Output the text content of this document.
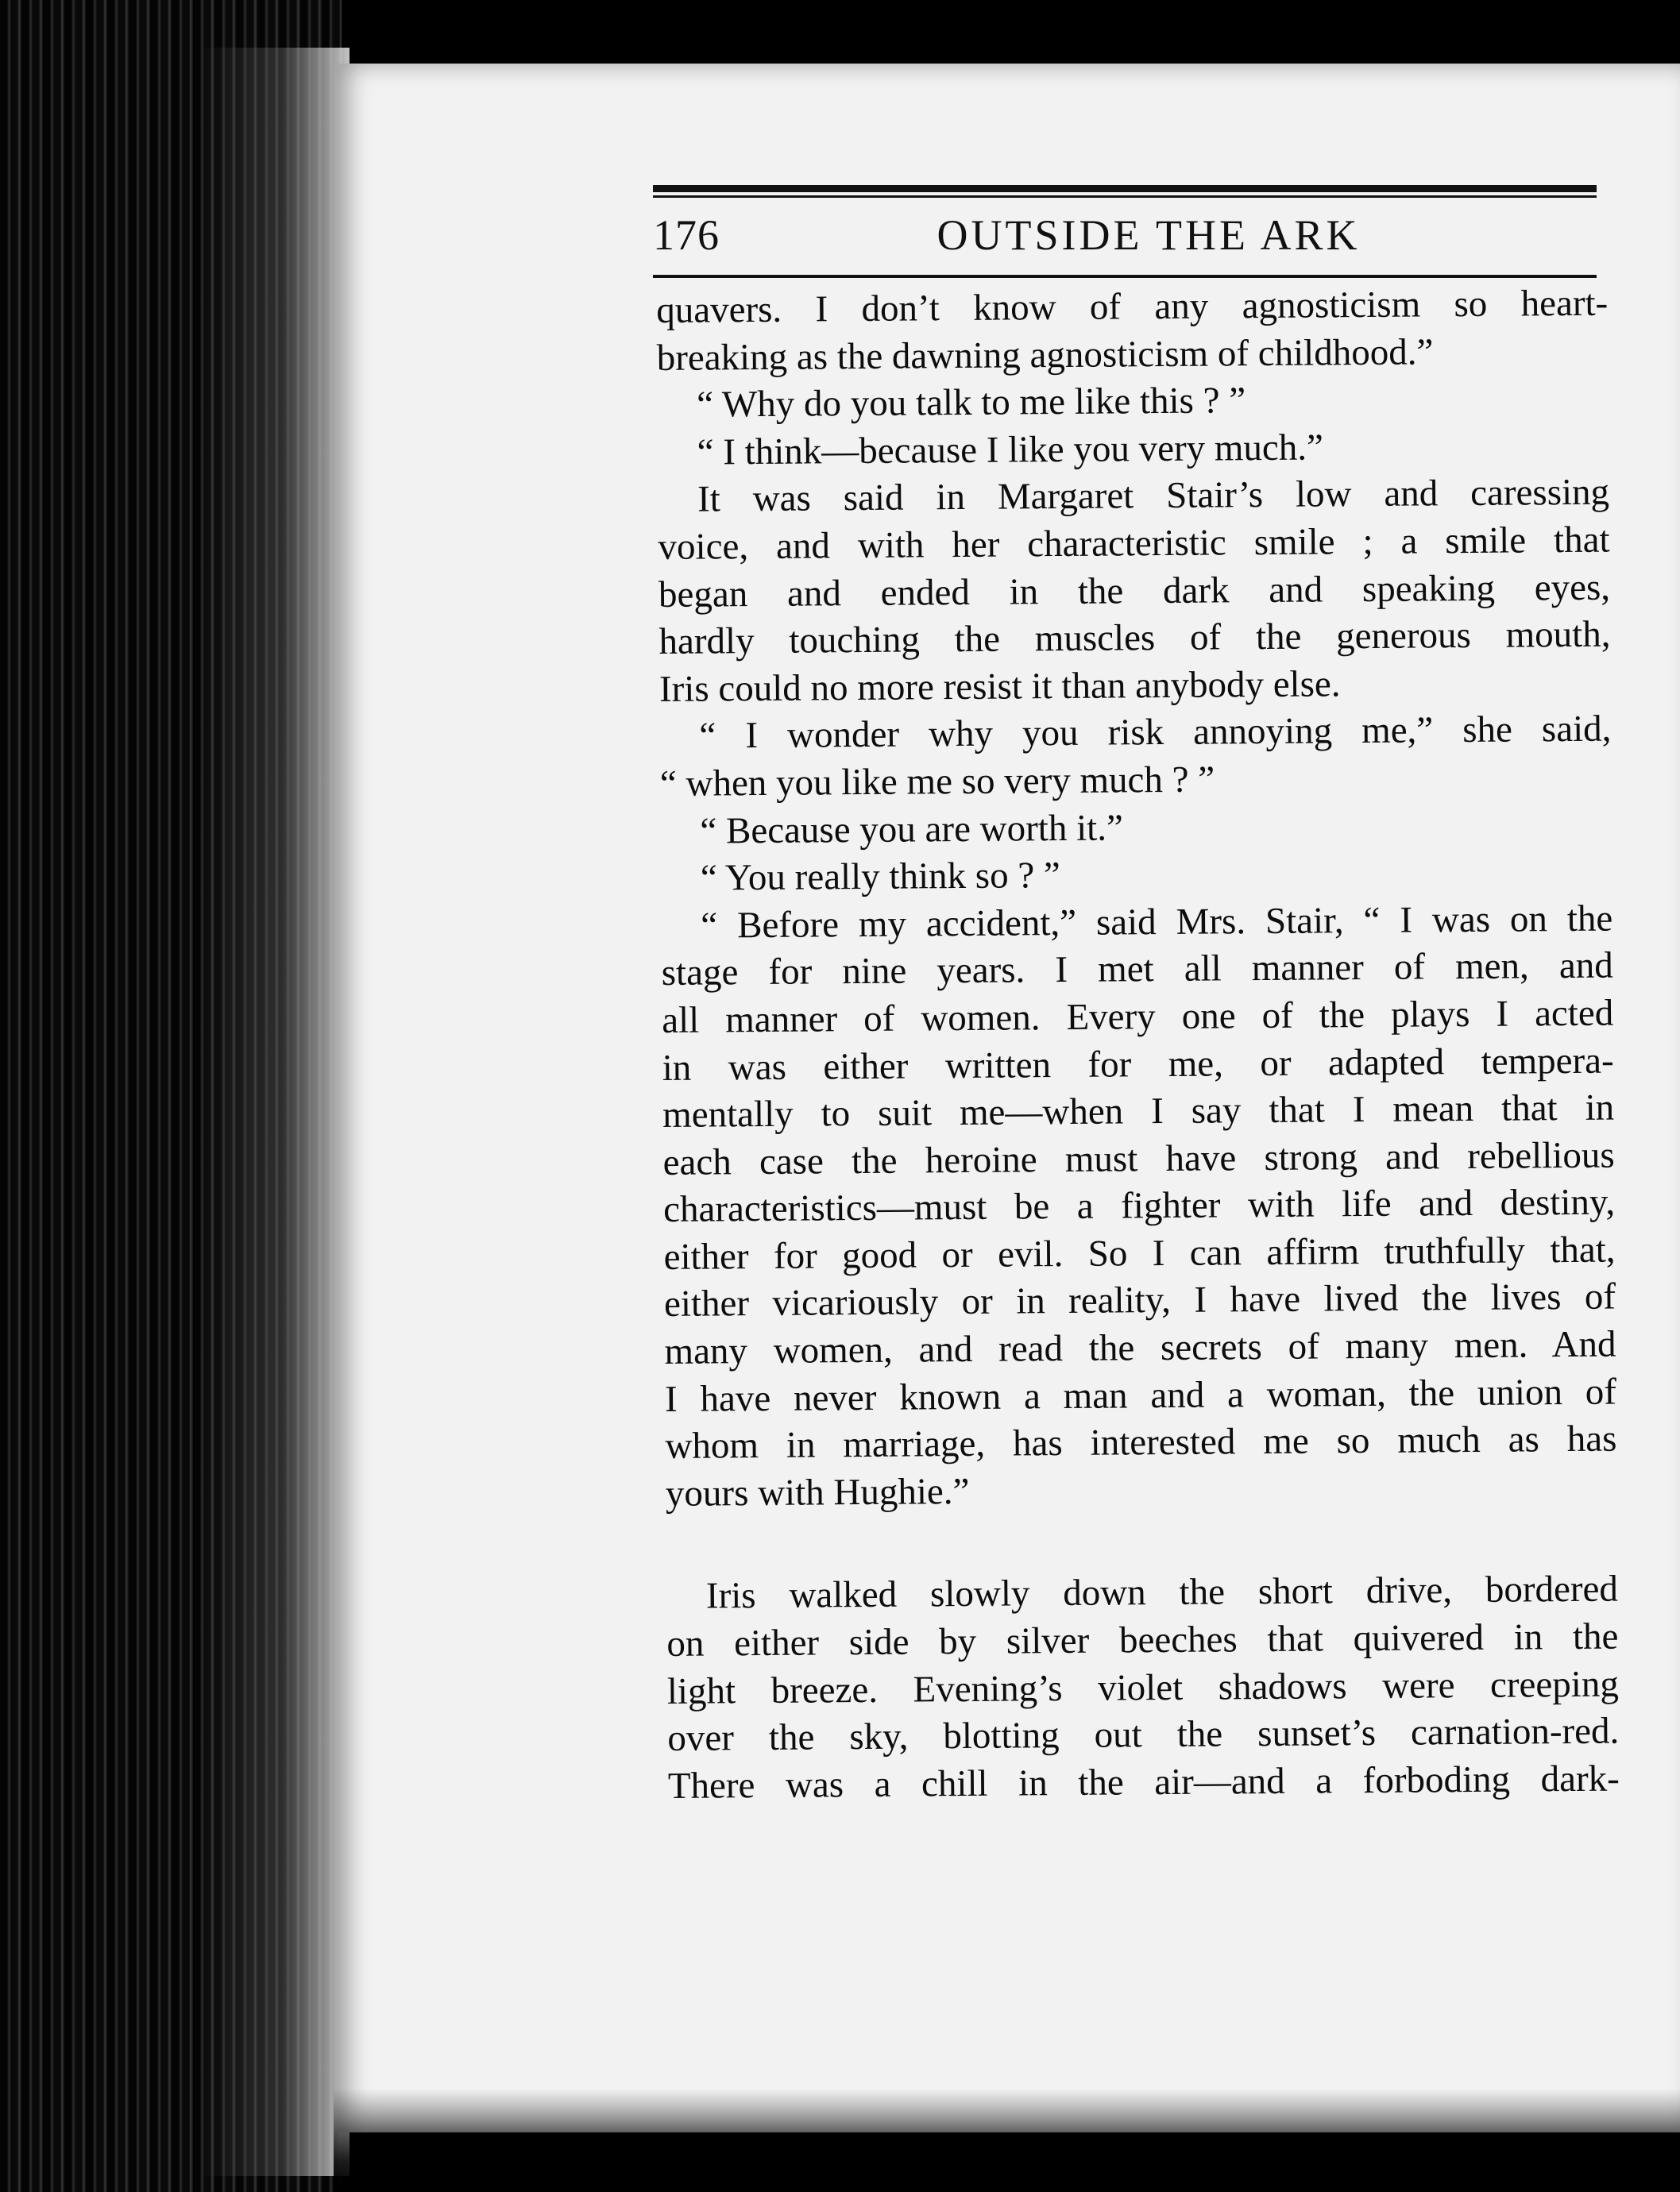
176	OUTSIDE THE ARK
quavers. I don’t know of any agnosticism so heart-
breaking as the dawning agnosticism of childhood.”
“ Why do you talk to me like this ? ”
“ I think—because I like you very much.”
It was said in Margaret Stair’s low and caressing
voice, and with her characteristic smile ; a smile that
began and ended in the dark and speaking eyes,
hardly touching the muscles of the generous mouth,
Iris could no more resist it than anybody else.
“ I wonder why you risk annoying me,” she said,
“ when you like me so very much ? ”
“ Because you are worth it.”
“ You really think so ? ”
“ Before my accident,” said Mrs. Stair, “ I was on the
stage for nine years. I met all manner of men, and
all manner of women. Every one of the plays I acted
in was either written for me, or adapted tempera-
mentally to suit me—when I say that I mean that in
each case the heroine must have strong and rebellious
characteristics—must be a fighter with life and destiny,
either for good or evil. So I can affirm truthfully that,
either vicariously or in reality, I have lived the lives of
many women, and read the secrets of many men. And
I have never known a man and a woman, the union of
whom in marriage, has interested me so much as has
yours with Hughie.”
Iris walked slowly down the short drive, bordered
on either side by silver beeches that quivered in the
light breeze. Evening’s violet shadows were creeping
over the sky, blotting out the sunset’s carnation-red.
There was a chill in the air—and a forboding dark-
